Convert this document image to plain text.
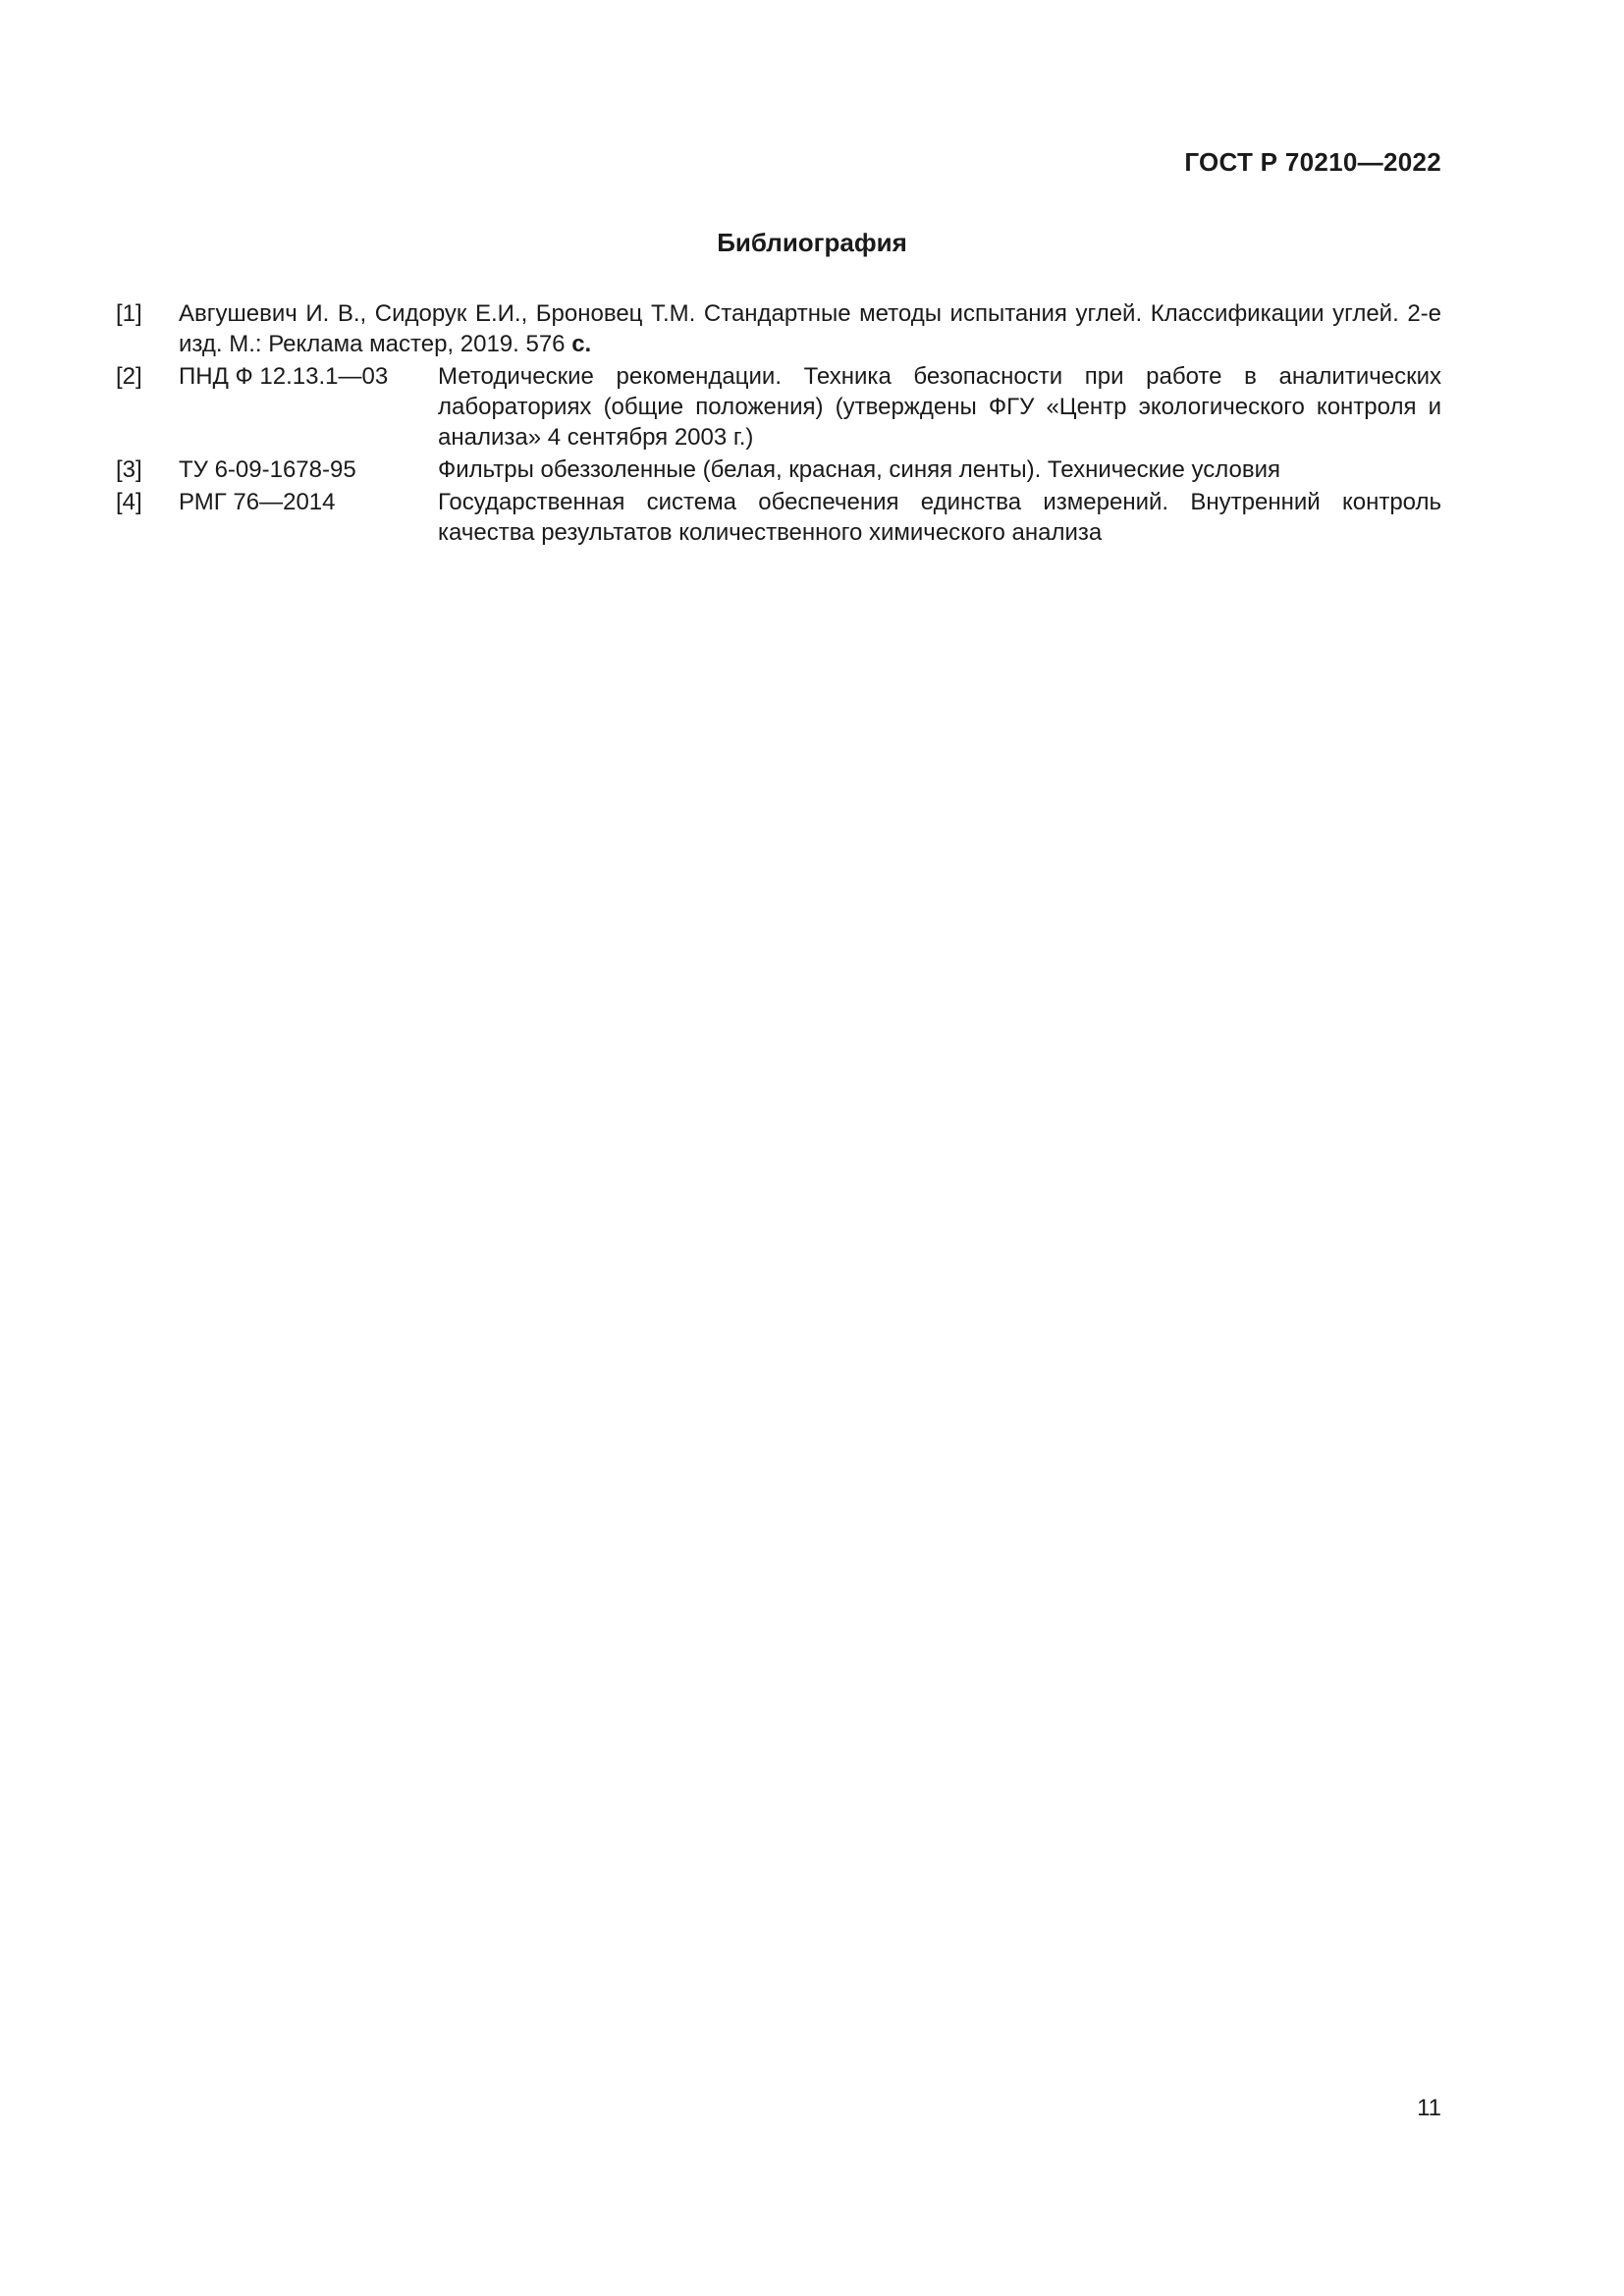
ГОСТ Р 70210—2022
Библиография
[1]	Авгушевич И. В., Сидорук Е.И., Броновец Т.М. Стандартные методы испытания углей. Классификации углей. 2-е изд. М.: Реклама мастер, 2019. 576 с.
[2]	ПНД Ф 12.13.1—03	Методические рекомендации. Техника безопасности при работе в аналитических лабораториях (общие положения) (утверждены ФГУ «Центр экологического контроля и анализа» 4 сентября 2003 г.)
[3]	ТУ 6-09-1678-95	Фильтры обеззоленные (белая, красная, синяя ленты). Технические условия
[4]	РМГ 76—2014	Государственная система обеспечения единства измерений. Внутренний контроль качества результатов количественного химического анализа
11
